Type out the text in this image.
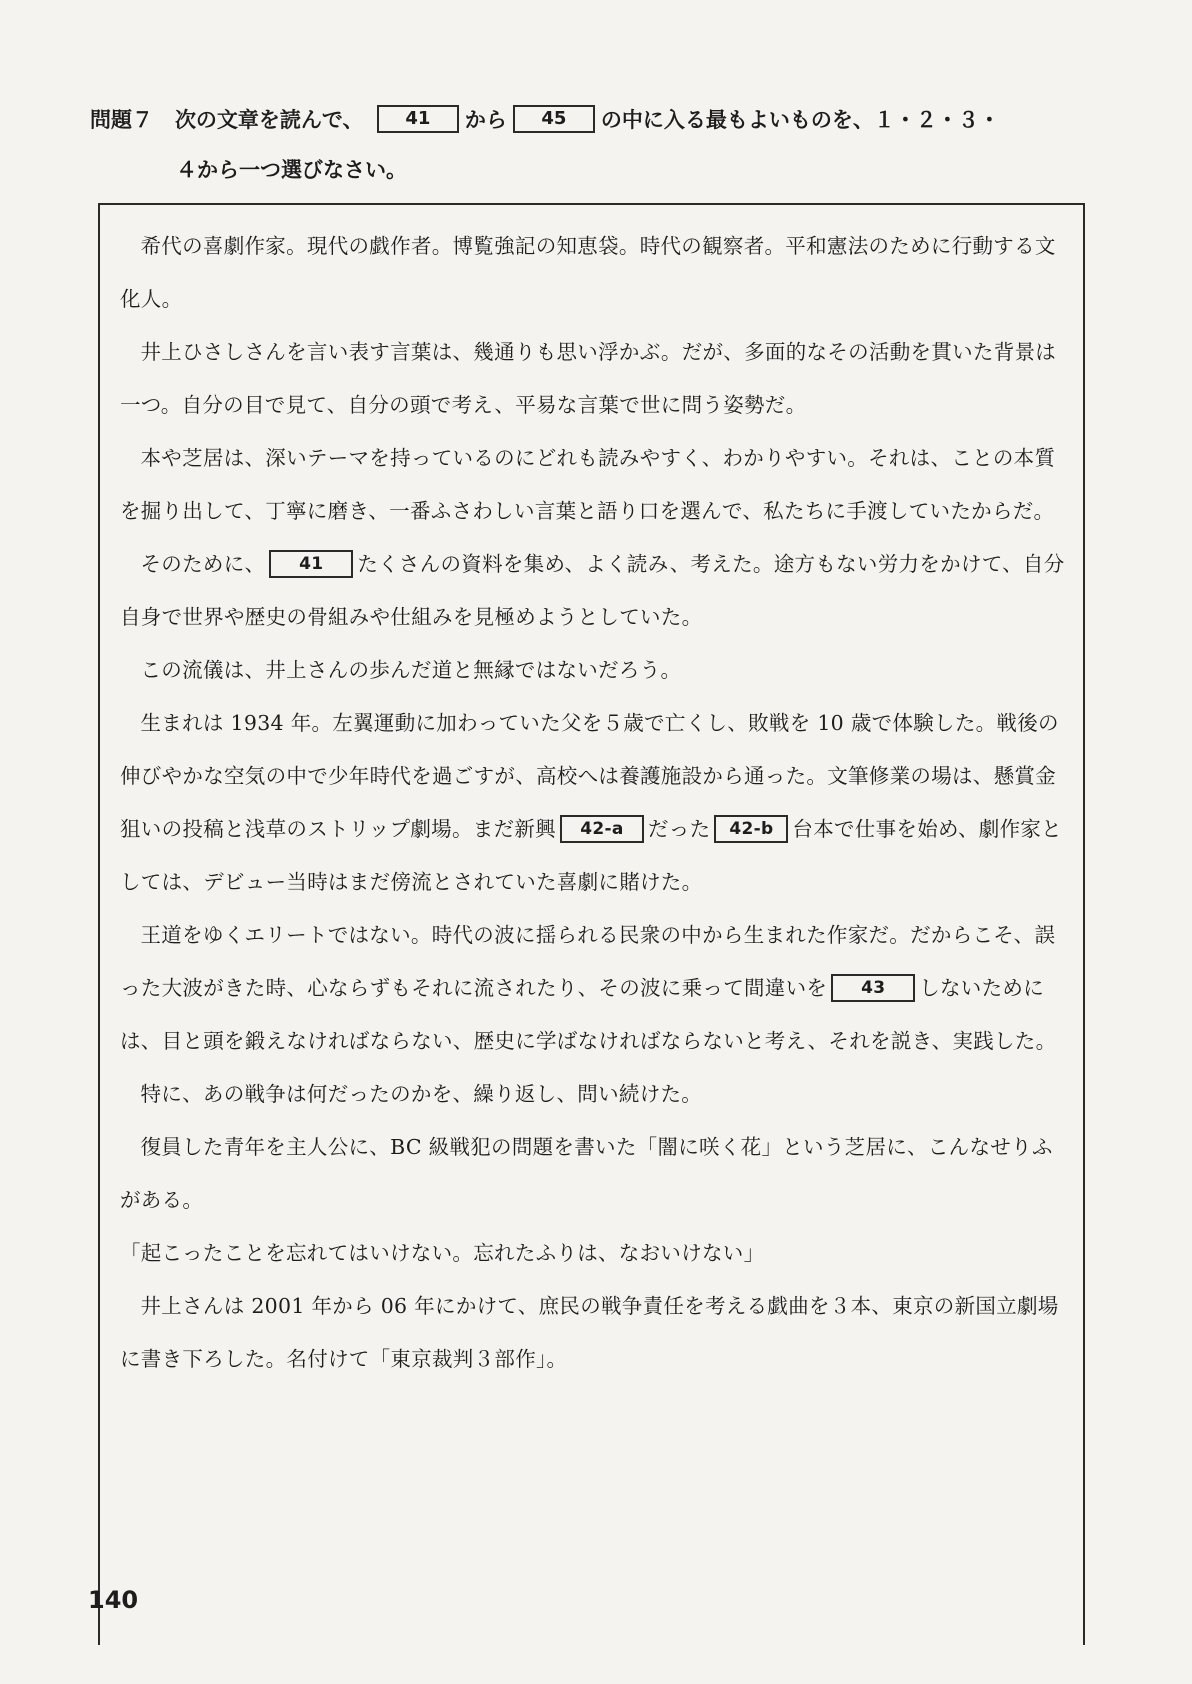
問題７ 次の文章を読んで、 41 から 45 の中に入る最もよいものを、１・２・３・
４から一つ選びなさい。

希代の喜劇作家。現代の戯作者。博覧強記の知恵袋。時代の観察者。平和憲法のために行動する文化人。

井上ひさしさんを言い表す言葉は、幾通りも思い浮かぶ。だが、多面的なその活動を貫いた背景は一つ。自分の目で見て、自分の頭で考え、平易な言葉で世に問う姿勢だ。

本や芝居は、深いテーマを持っているのにどれも読みやすく、わかりやすい。それは、ことの本質を掘り出して、丁寧に磨き、一番ふさわしい言葉と語り口を選んで、私たちに手渡していたからだ。

そのために、 41 たくさんの資料を集め、よく読み、考えた。途方もない労力をかけて、自分自身で世界や歴史の骨組みや仕組みを見極めようとしていた。

この流儀は、井上さんの歩んだ道と無縁ではないだろう。

生まれは 1934 年。左翼運動に加わっていた父を５歳で亡くし、敗戦を 10 歳で体験した。戦後の伸びやかな空気の中で少年時代を過ごすが、高校へは養護施設から通った。文筆修業の場は、懸賞金狙いの投稿と浅草のストリップ劇場。まだ新興 42-a だった 42-b 台本で仕事を始め、劇作家としては、デビュー当時はまだ傍流とされていた喜劇に賭けた。

王道をゆくエリートではない。時代の波に揺られる民衆の中から生まれた作家だ。だからこそ、誤った大波がきた時、心ならずもそれに流されたり、その波に乗って間違いを 43 しないためには、目と頭を鍛えなければならない、歴史に学ばなければならないと考え、それを説き、実践した。

特に、あの戦争は何だったのかを、繰り返し、問い続けた。

復員した青年を主人公に、BC 級戦犯の問題を書いた「闇に咲く花」という芝居に、こんなせりふがある。

「起こったことを忘れてはいけない。忘れたふりは、なおいけない」

井上さんは 2001 年から 06 年にかけて、庶民の戦争責任を考える戯曲を３本、東京の新国立劇場に書き下ろした。名付けて「東京裁判３部作」。

140
